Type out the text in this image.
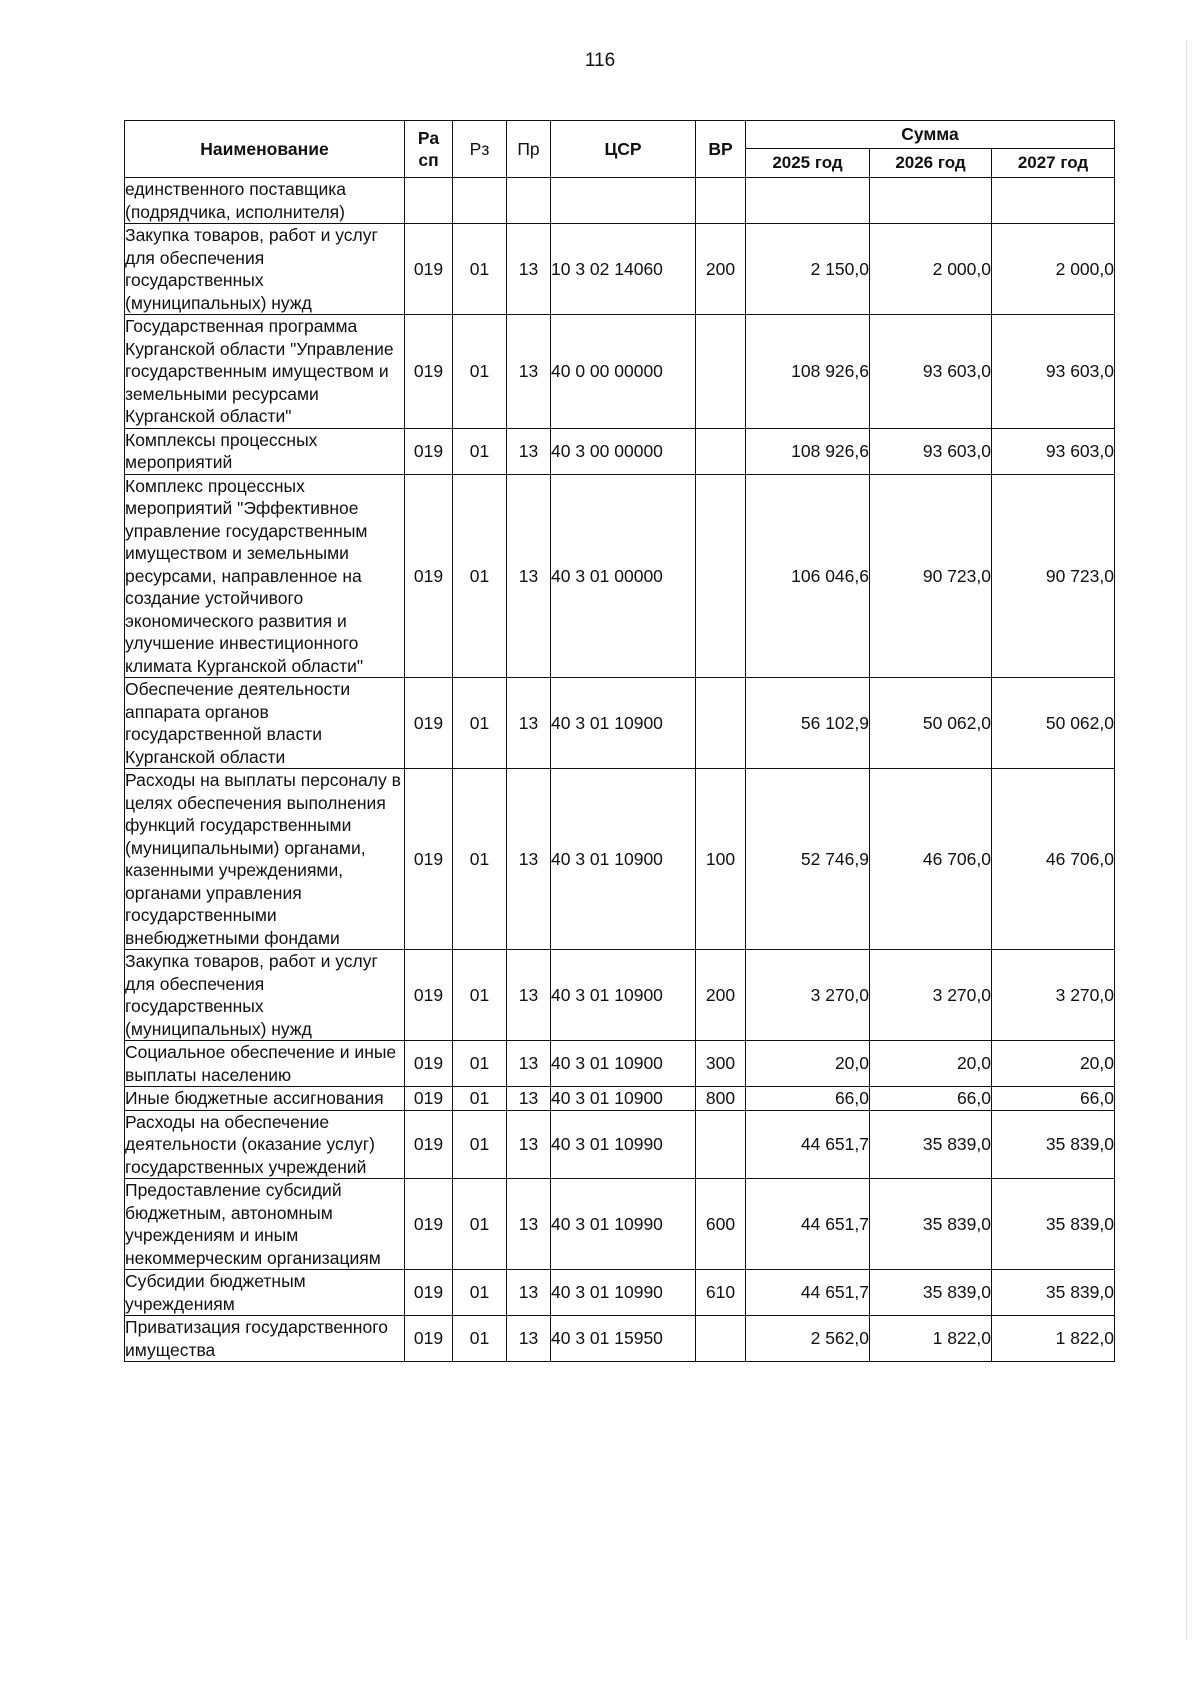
116
Наименование	Ра сп	Рз	Пр	ЦСР	ВР	Сумма		
						2025 год	2026 год	2027 год
единственного поставщика (подрядчика, исполнителя)								
Закупка товаров, работ и услуг для обеспечения государственных (муниципальных) нужд	019	01	13	10 3 02 14060	200	2 150,0	2 000,0	2 000,0
Государственная программа Курганской области "Управление государственным имуществом и земельными ресурсами Курганской области"	019	01	13	40 0 00 00000		108 926,6	93 603,0	93 603,0
Комплексы процессных мероприятий	019	01	13	40 3 00 00000		108 926,6	93 603,0	93 603,0
Комплекс процессных мероприятий "Эффективное управление государственным имуществом и земельными ресурсами, направленное на создание устойчивого экономического развития и улучшение инвестиционного климата Курганской области"	019	01	13	40 3 01 00000		106 046,6	90 723,0	90 723,0
Обеспечение деятельности аппарата органов государственной власти Курганской области	019	01	13	40 3 01 10900		56 102,9	50 062,0	50 062,0
Расходы на выплаты персоналу в целях обеспечения выполнения функций государственными (муниципальными) органами, казенными учреждениями, органами управления государственными внебюджетными фондами	019	01	13	40 3 01 10900	100	52 746,9	46 706,0	46 706,0
Закупка товаров, работ и услуг для обеспечения государственных (муниципальных) нужд	019	01	13	40 3 01 10900	200	3 270,0	3 270,0	3 270,0
Социальное обеспечение и иные выплаты населению	019	01	13	40 3 01 10900	300	20,0	20,0	20,0
Иные бюджетные ассигнования	019	01	13	40 3 01 10900	800	66,0	66,0	66,0
Расходы на обеспечение деятельности (оказание услуг) государственных учреждений	019	01	13	40 3 01 10990		44 651,7	35 839,0	35 839,0
Предоставление субсидий бюджетным, автономным учреждениям и иным некоммерческим организациям	019	01	13	40 3 01 10990	600	44 651,7	35 839,0	35 839,0
Субсидии бюджетным учреждениям	019	01	13	40 3 01 10990	610	44 651,7	35 839,0	35 839,0
Приватизация государственного имущества	019	01	13	40 3 01 15950		2 562,0	1 822,0	1 822,0
